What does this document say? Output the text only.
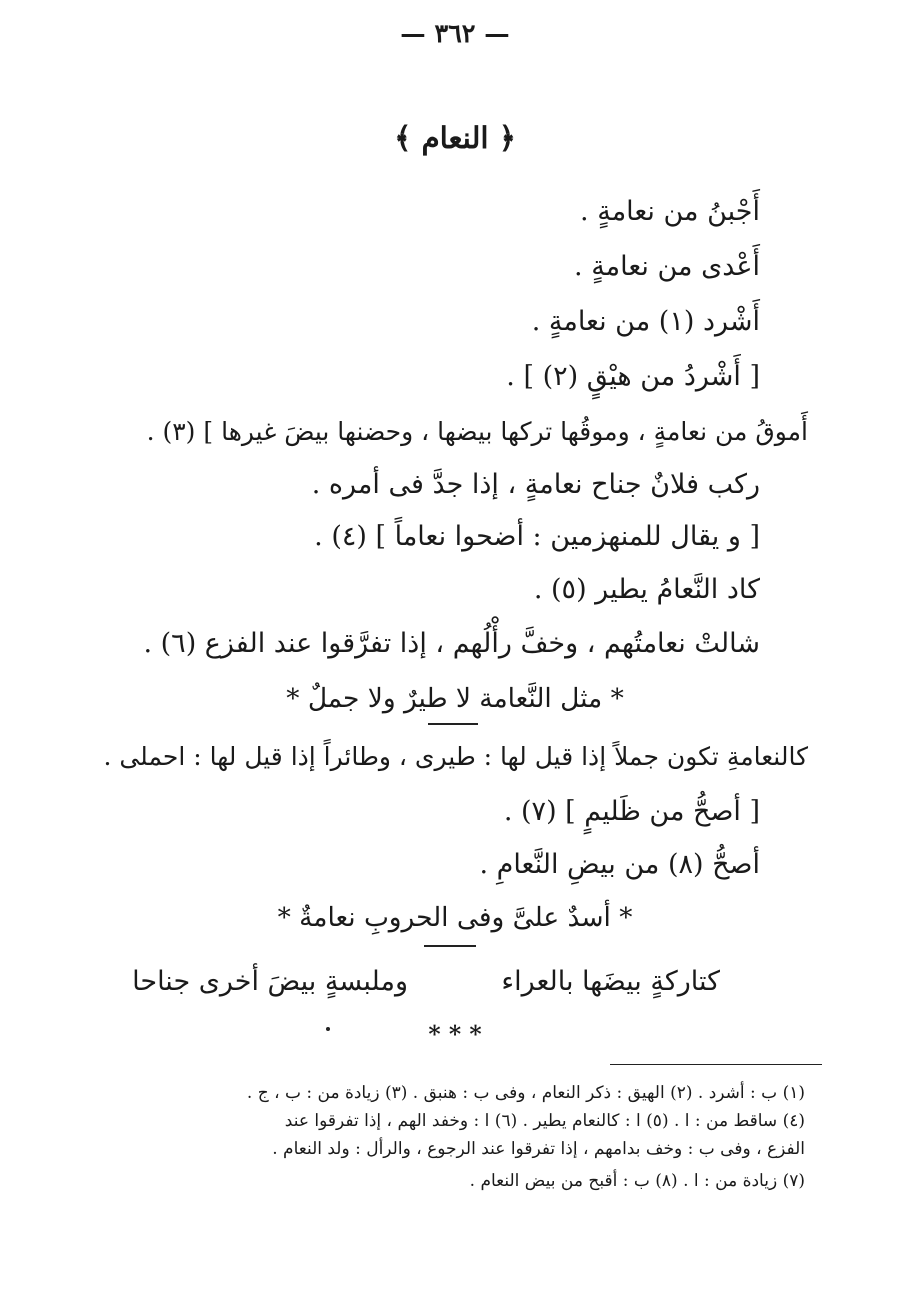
— ٣٦٢ —
﴿ النعام ﴾
أَجْبنُ من نعامةٍ .
أَعْدى من نعامةٍ .
أَشْرد (١) من نعامةٍ .
[ أَشْردُ من هيْقٍ (٢) ] .
أَموقُ من نعامةٍ ، وموقُها تركها بيضها ، وحضنها بيضَ غيرها ] (٣) .
ركب فلانٌ جناح نعامةٍ ، إذا جدَّ فى أمره .
[ و يقال للمنهزمين : أضحوا نعاماً ] (٤) .
كاد النَّعامُ يطير (٥) .
شالتْ نعامتُهم ، وخفَّ رأْلُهم ، إذا تفرَّقوا عند الفزع (٦) .
* مثل النَّعامة لا طيرٌ ولا جملٌ *
كالنعامةِ تكون جملاً إذا قيل لها : طيرى ، وطائراً إذا قيل لها : احملى .
[ أصحُّ من ظَليمٍ ] (٧) .
أصحُّ (٨) من بيضِ النَّعامِ .
* أسدٌ علىَّ وفى الحروبِ نعامةٌ *
كتاركةٍ بيضَها بالعراء
وملبسةٍ بيضَ أخرى جناحا
* * *
(١) ب : أشرد . (٢) الهيق : ذكر النعام ، وفى ب : هنبق . (٣) زيادة من : ب ، ج .
(٤) ساقط من : ا . (٥) ا : كالنعام يطير . (٦) ا : وخفد الهم ، إذا تفرقوا عند
الفزع ، وفى ب : وخف بدامهم ، إذا تفرقوا عند الرجوع ، والرأل : ولد النعام .
(٧) زيادة من : ا . (٨) ب : أقبح من بيض النعام .
